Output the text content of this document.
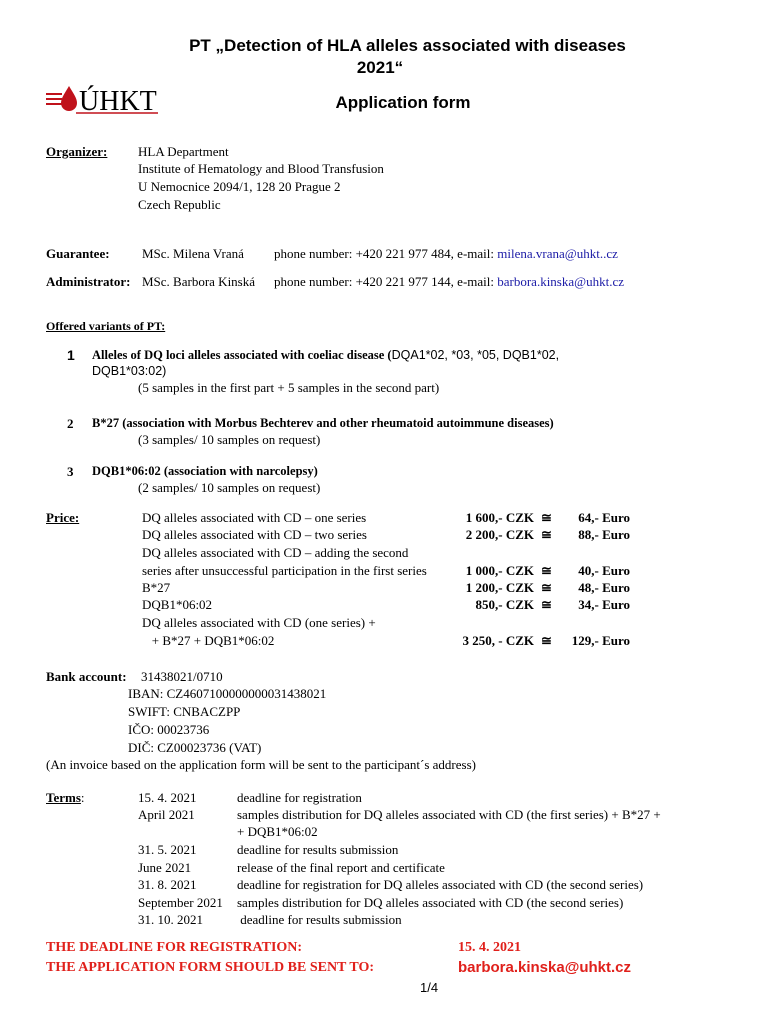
PT „Detection of HLA alleles associated with diseases
2021“
Application form
ÚHKT
Organizer: HLA Department
Institute of Hematology and Blood Transfusion
U Nemocnice 2094/1, 128 20 Prague 2
Czech Republic
Guarantee: MSc. Milena Vraná phone number: +420 221 977 484, e-mail: milena.vrana@uhkt..cz
Administrator: MSc. Barbora Kinská phone number: +420 221 977 144, e-mail: barbora.kinska@uhkt.cz
Offered variants of PT:
1 Alleles of DQ loci alleles associated with coeliac disease (DQA1*02, *03, *05, DQB1*02,
DQB1*03:02)
(5 samples in the first part + 5 samples in the second part)
2 B*27 (association with Morbus Bechterev and other rheumatoid autoimmune diseases)
(3 samples/ 10 samples on request)
3 DQB1*06:02 (association with narcolepsy)
(2 samples/ 10 samples on request)
Price:	DQ alleles associated with CD – one series	1 600,- CZK ≅	64,- Euro
DQ alleles associated with CD – two series	2 200,- CZK ≅	88,- Euro
DQ alleles associated with CD – adding the second
series after unsuccessful participation in the first series	1 000,- CZK ≅	40,- Euro
B*27	1 200,- CZK ≅	48,- Euro
DQB1*06:02	850,- CZK ≅	34,- Euro
DQ alleles associated with CD (one series) +
+ B*27 + DQB1*06:02	3 250, - CZK ≅	129,- Euro
Bank account: 31438021/0710
IBAN: CZ4607100000000031438021
SWIFT: CNBACZPP
IČO: 00023736
DIČ: CZ00023736 (VAT)
(An invoice based on the application form will be sent to the participant´s address)
Terms:	15. 4. 2021	deadline for registration
April 2021	samples distribution for DQ alleles associated with CD (the first series) + B*27 +
+ DQB1*06:02
31. 5. 2021	deadline for results submission
June 2021	release of the final report and certificate
31. 8. 2021	deadline for registration for DQ alleles associated with CD (the second series)
September 2021 samples distribution for DQ alleles associated with CD (the second series)
31. 10. 2021	deadline for results submission
THE DEADLINE FOR REGISTRATION:	15. 4. 2021
THE APPLICATION FORM SHOULD BE SENT TO:	barbora.kinska@uhkt.cz
1/4
